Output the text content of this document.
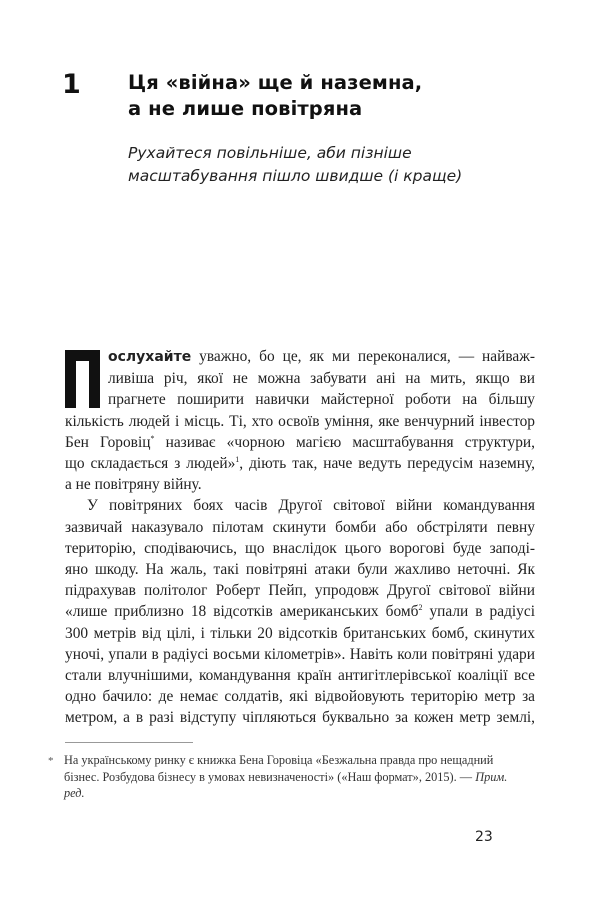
1 Ця «війна» ще й наземна,
а не лише повітряна
Рухайтеся повільніше, аби пізніше
масштабування пішло швидше (і краще)
ослухайте уважно, бо це, як ми переконалися, — найваж-
ливіша річ, якої не можна забувати ані на мить, якщо ви
прагнете поширити навички майстерної роботи на більшу
кількість людей і місць. Ті, хто освоїв уміння, яке венчурний інвестор
Бен Горовіц* називає «чорною магією масштабування структури,
що складається з людей»$^1$, діють так, наче ведуть передусім наземну,
а не повітряну війну.
У повітряних боях часів Другої світової війни командування
зазвичай наказувало пілотам скинути бомби або обстріляти певну
територію, сподіваючись, що внаслідок цього ворогові буде заподі-
яно шкоду. На жаль, такі повітряні атаки були жахливо неточні. Як
підрахував політолог Роберт Пейп, упродовж Другої світової війни
«лише приблизно 18 відсотків американських бомб$^2$ упали в радіусі
300 метрів від цілі, і тільки 20 відсотків британських бомб, скинутих
уночі, упали в радіусі восьми кілометрів». Навіть коли повітряні удари
стали влучнішими, командування країн антигітлерівської коаліції все
одно бачило: де немає солдатів, які відвойовують територію метр за
метром, а в разі відступу чіпляються буквально за кожен метр землі,
* На українському ринку є книжка Бена Горовіца «Безжальна правда про нещадний
бізнес. Розбудова бізнесу в умовах невизначеності» («Наш формат», 2015). — Прим.
ред.
23
